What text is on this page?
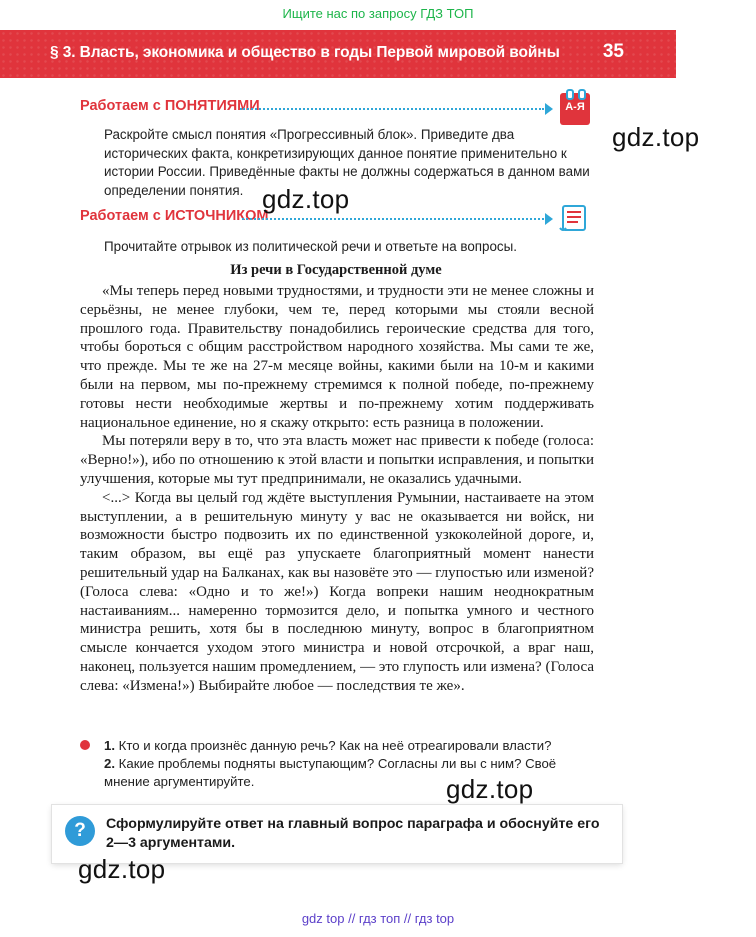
Ищите нас по запросу ГДЗ ТОП
§ 3. Власть, экономика и общество в годы Первой мировой войны 35
Работаем с ПОНЯТИЯМИ	А-Я
Раскройте смысл понятия «Прогрессивный блок». Приведите два исторических факта, конкретизирующих данное понятие применительно к истории России. Приведённые факты не должны содержаться в данном вами определении понятия.
Работаем с ИСТОЧНИКОМ
Прочитайте отрывок из политической речи и ответьте на вопросы.
Из речи в Государственной думе

«Мы теперь перед новыми трудностями, и трудности эти не менее сложны и серьёзны, не менее глубоки, чем те, перед которыми мы стояли весной прошлого года. Правительству понадобились героические средства для того, чтобы бороться с общим расстройством народного хозяйства. Мы сами те же, что прежде. Мы те же на 27-м месяце войны, какими были на 10-м и какими были на первом, мы по-прежнему стремимся к полной победе, по-прежнему готовы нести необходимые жертвы и по-прежнему хотим поддерживать национальное единение, но я скажу открыто: есть разница в положении.

Мы потеряли веру в то, что эта власть может нас привести к победе (голоса: «Верно!»), ибо по отношению к этой власти и попытки исправления, и попытки улучшения, которые мы тут предпринимали, не оказались удачными.

<...> Когда вы целый год ждёте выступления Румынии, настаиваете на этом выступлении, а в решительную минуту у вас не оказывается ни войск, ни возможности быстро подвозить их по единственной узкоколейной дороге, и, таким образом, вы ещё раз упускаете благоприятный момент нанести решительный удар на Балканах, как вы назовёте это — глупостью или изменой? (Голоса слева: «Одно и то же!») Когда вопреки нашим неоднократным настаиваниям... намеренно тормозится дело, и попытка умного и честного министра решить, хотя бы в последнюю минуту, вопрос в благоприятном смысле кончается уходом этого министра и новой отсрочкой, а враг наш, наконец, пользуется нашим промедлением, — это глупость или измена? (Голоса слева: «Измена!») Выбирайте любое — последствия те же».

1. Кто и когда произнёс данную речь? Как на неё отреагировали власти?

2. Какие проблемы подняты выступающим? Согласны ли вы с ним? Своё мнение аргументируйте.

?	Сформулируйте ответ на главный вопрос параграфа и обоснуйте его 2—3 аргументами.
gdz.top
gdz.top
gdz.top
gdz.top
gdz top // гдз топ // гдз top
